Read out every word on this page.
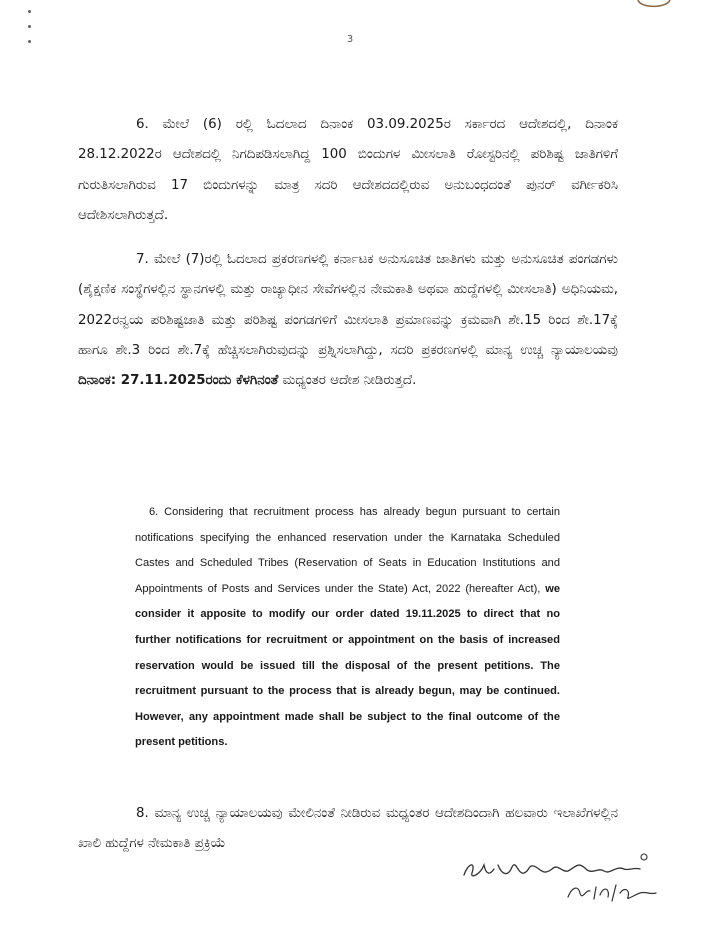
3

6. ಮೇಲೆ (6) ರಲ್ಲಿ ಓದಲಾದ ದಿನಾಂಕ 03.09.2025ರ ಸರ್ಕಾರದ ಆದೇಶದಲ್ಲಿ, ದಿನಾಂಕ 28.12.2022ರ ಆದೇಶದಲ್ಲಿ ನಿಗದಿಪಡಿಸಲಾಗಿದ್ದ 100 ಬಿಂದುಗಳ ಮೀಸಲಾತಿ ರೋಸ್ಟರಿನಲ್ಲಿ ಪರಿಶಿಷ್ಟ ಜಾತಿಗಳಿಗೆ ಗುರುತಿಸಲಾಗಿರುವ 17 ಬಿಂದುಗಳನ್ನು ಮಾತ್ರ ಸದರಿ ಆದೇಶದದಲ್ಲಿರುವ ಅನುಬಂಧದಂತೆ ಪುನರ್ ವರ್ಗೀಕರಿಸಿ ಆದೇಶಿಸಲಾಗಿರುತ್ತದೆ.

7. ಮೇಲೆ (7)ರಲ್ಲಿ ಓದಲಾದ ಪ್ರಕರಣಗಳಲ್ಲಿ ಕರ್ನಾಟಕ ಅನುಸೂಚಿತ ಜಾತಿಗಳು ಮತ್ತು ಅನುಸೂಚಿತ ಪಂಗಡಗಳು (ಶೈಕ್ಷಣಿಕ ಸಂಸ್ಥೆಗಳಲ್ಲಿನ ಸ್ಥಾನಗಳಲ್ಲಿ ಮತ್ತು ರಾಜ್ಯಾಧೀನ ಸೇವೆಗಳಲ್ಲಿನ ನೇಮಕಾತಿ ಅಥವಾ ಹುದ್ದೆಗಳಲ್ಲಿ ಮೀಸಲಾತಿ) ಅಧಿನಿಯಮ, 2022ರನ್ವಯ ಪರಿಶಿಷ್ಟಜಾತಿ ಮತ್ತು ಪರಿಶಿಷ್ಟ ಪಂಗಡಗಳಿಗೆ ಮೀಸಲಾತಿ ಪ್ರಮಾಣವನ್ನು ಕ್ರಮವಾಗಿ ಶೇ.15 ರಿಂದ ಶೇ.17ಕ್ಕೆ ಹಾಗೂ ಶೇ.3 ರಿಂದ ಶೇ.7ಕ್ಕೆ ಹೆಚ್ಚಿಸಲಾಗಿರುವುದನ್ನು ಪ್ರಶ್ನಿಸಲಾಗಿದ್ದು, ಸದರಿ ಪ್ರಕರಣಗಳಲ್ಲಿ ಮಾನ್ಯ ಉಚ್ಚ ನ್ಯಾಯಾಲಯವು ದಿನಾಂಕ: 27.11.2025ರಂದು ಕೆಳಗಿನಂತೆ ಮಧ್ಯಂತರ ಆದೇಶ ನೀಡಿರುತ್ತದೆ.

6. Considering that recruitment process has already begun pursuant to certain notifications specifying the enhanced reservation under the Karnataka Scheduled Castes and Scheduled Tribes (Reservation of Seats in Education Institutions and Appointments of Posts and Services under the State) Act, 2022 (hereafter Act), we consider it apposite to modify our order dated 19.11.2025 to direct that no further notifications for recruitment or appointment on the basis of increased reservation would be issued till the disposal of the present petitions. The recruitment pursuant to the process that is already begun, may be continued. However, any appointment made shall be subject to the final outcome of the present petitions.

8. ಮಾನ್ಯ ಉಚ್ಚ ನ್ಯಾಯಾಲಯವು ಮೇಲಿನಂತೆ ನೀಡಿರುವ ಮಧ್ಯಂತರ ಆದೇಶದಿಂದಾಗಿ ಹಲವಾರು ಇಲಾಖೆಗಳಲ್ಲಿನ ಖಾಲಿ ಹುದ್ದೆಗಳ ನೇಮಕಾತಿ ಪ್ರಕ್ರಿಯೆ
